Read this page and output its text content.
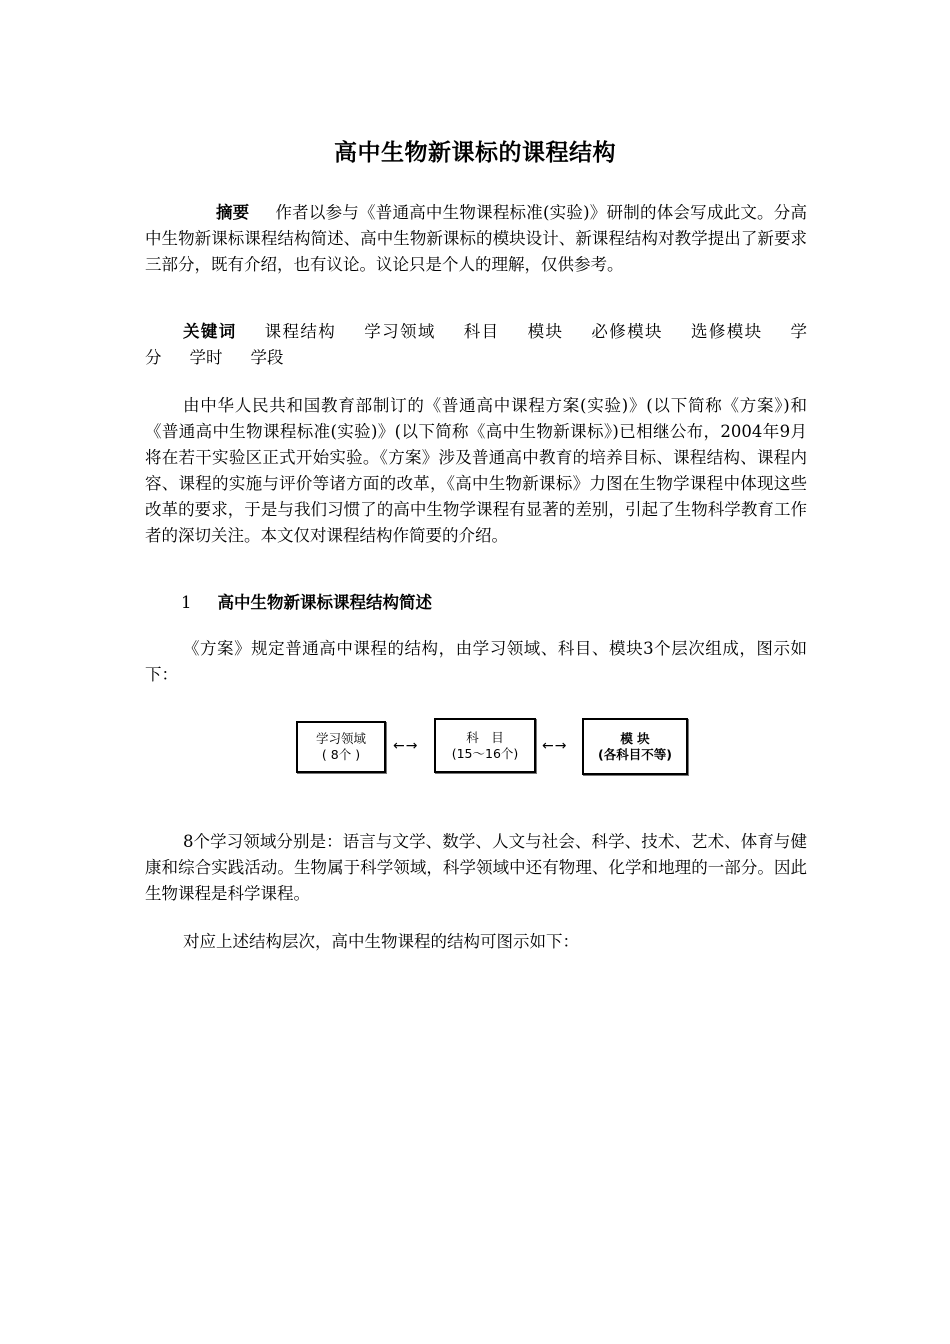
高中生物新课标的课程结构
摘要 作者以参与《普通高中生物课程标准(实验)》研制的体会写成此文。分高中生物新课标课程结构简述、高中生物新课标的模块设计、新课程结构对教学提出了新要求三部分，既有介绍，也有议论。议论只是个人的理解，仅供参考。
关键词 课程结构 学习领域 科目 模块 必修模块 选修模块 学分 学时 学段
由中华人民共和国教育部制订的《普通高中课程方案(实验)》(以下简称《方案》)和《普通高中生物课程标准(实验)》(以下简称《高中生物新课标》)已相继公布，2004年9月将在若干实验区正式开始实验。《方案》涉及普通高中教育的培养目标、课程结构、课程内容、课程的实施与评价等诸方面的改革，《高中生物新课标》力图在生物学课程中体现这些改革的要求，于是与我们习惯了的高中生物学课程有显著的差别，引起了生物科学教育工作者的深切关注。本文仅对课程结构作简要的介绍。
1 高中生物新课标课程结构简述
《方案》规定普通高中课程的结构，由学习领域、科目、模块3个层次组成，图示如下：
学习领域
( 8个 )
←→
科　目
(15～16个) ←→	模 块
(各科目不等)
8个学习领域分别是：语言与文学、数学、人文与社会、科学、技术、艺术、体育与健康和综合实践活动。生物属于科学领域，科学领域中还有物理、化学和地理的一部分。因此生物课程是科学课程。
对应上述结构层次，高中生物课程的结构可图示如下：
